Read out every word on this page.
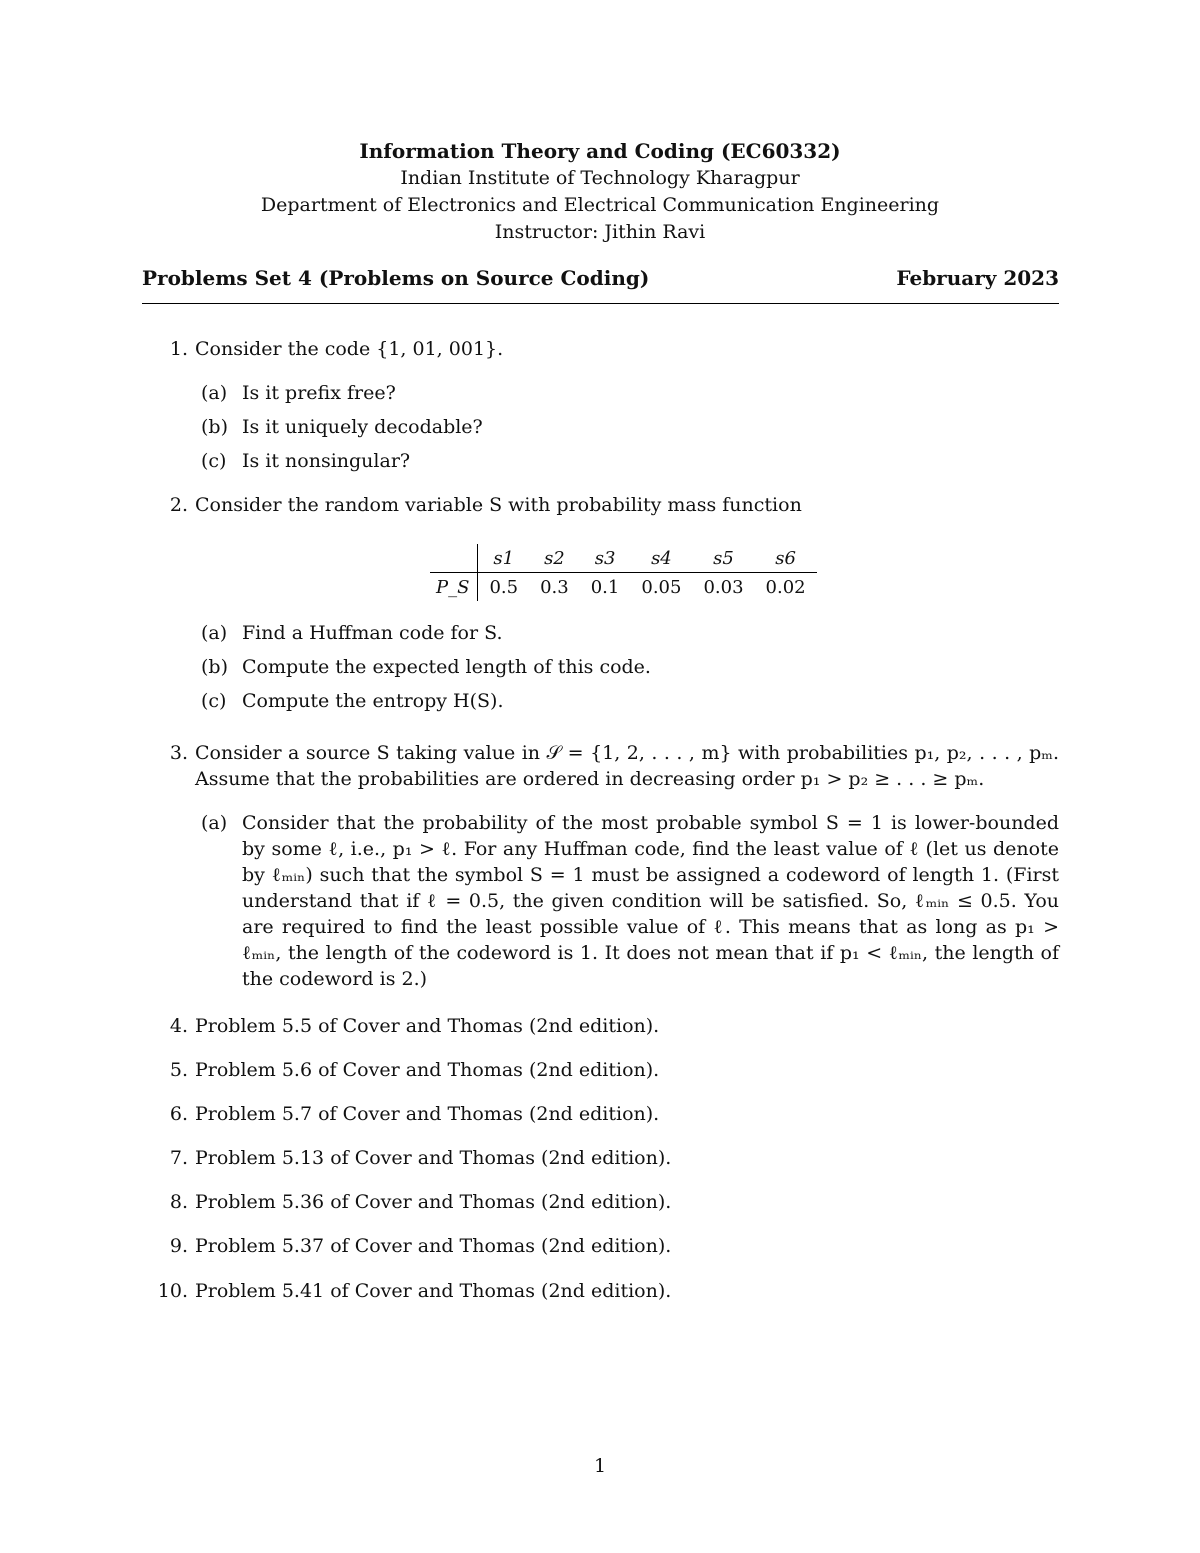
Information Theory and Coding (EC60332)
Indian Institute of Technology Kharagpur
Department of Electronics and Electrical Communication Engineering
Instructor: Jithin Ravi
Problems Set 4 (Problems on Source Coding)	February 2023
1. Consider the code {1, 01, 001}.
(a) Is it prefix free?
(b) Is it uniquely decodable?
(c) Is it nonsingular?
2. Consider the random variable S with probability mass function
	s1	s2	s3	s4	s5	s6
P_S	0.5	0.3	0.1	0.05	0.03	0.02
(a) Find a Huffman code for S.
(b) Compute the expected length of this code.
(c) Compute the entropy H(S).
3. Consider a source S taking value in 𝒮 = {1, 2, . . . , m} with probabilities p₁, p₂, . . . , pₘ. Assume that the probabilities are ordered in decreasing order p₁ > p₂ ≥ . . . ≥ pₘ.
(a) Consider that the probability of the most probable symbol S = 1 is lower-bounded by some ℓ, i.e., p₁ > ℓ. For any Huffman code, find the least value of ℓ (let us denote by ℓₘᵢₙ) such that the symbol S = 1 must be assigned a codeword of length 1. (First understand that if ℓ = 0.5, the given condition will be satisfied. So, ℓₘᵢₙ ≤ 0.5. You are required to find the least possible value of ℓ. This means that as long as p₁ > ℓₘᵢₙ, the length of the codeword is 1. It does not mean that if p₁ < ℓₘᵢₙ, the length of the codeword is 2.)
4. Problem 5.5 of Cover and Thomas (2nd edition).
5. Problem 5.6 of Cover and Thomas (2nd edition).
6. Problem 5.7 of Cover and Thomas (2nd edition).
7. Problem 5.13 of Cover and Thomas (2nd edition).
8. Problem 5.36 of Cover and Thomas (2nd edition).
9. Problem 5.37 of Cover and Thomas (2nd edition).
10. Problem 5.41 of Cover and Thomas (2nd edition).
1
